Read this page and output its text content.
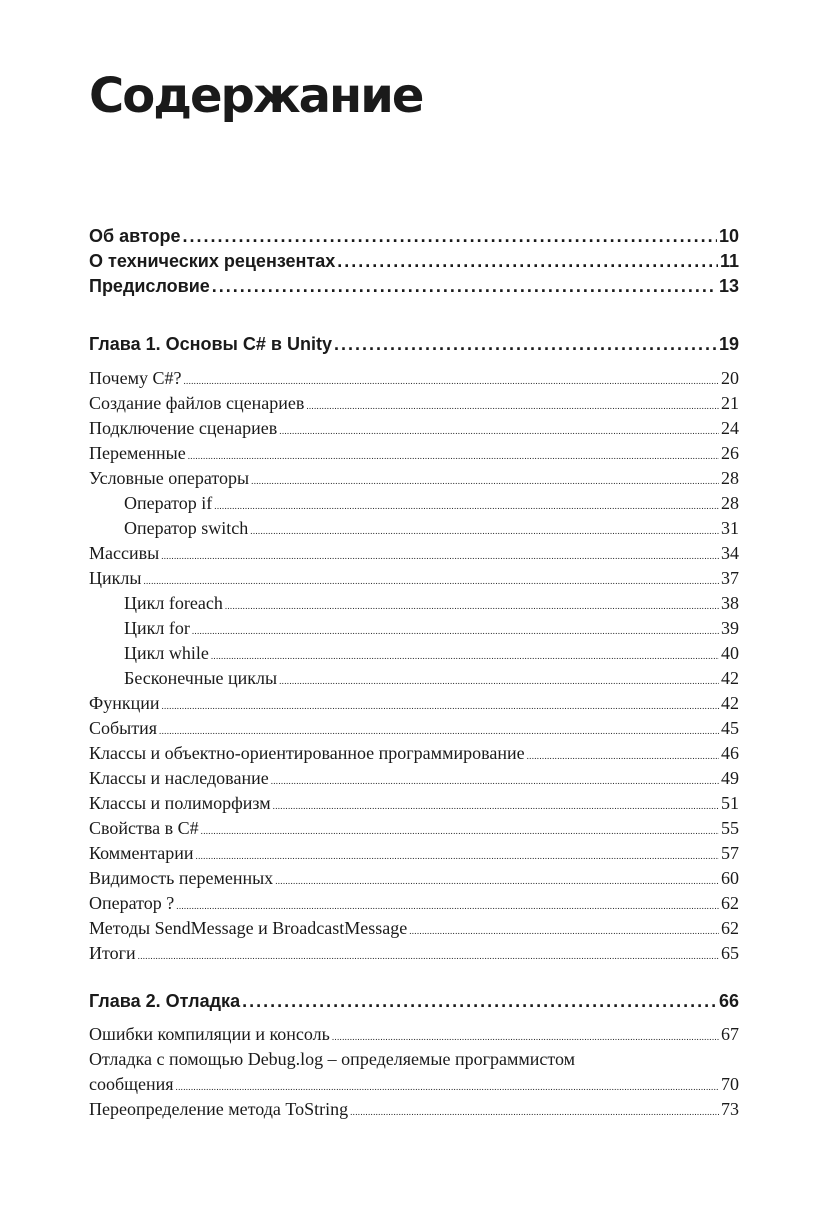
Содержание
Об авторе .....	10
О технических рецензентах .....	11
Предисловие .....	13
Глава 1. Основы C# в Unity .....	19
Почему C#? .....	20
Создание файлов сценариев .....	21
Подключение сценариев .....	24
Переменные .....	26
Условные операторы .....	28
Оператор if .....	28
Оператор switch .....	31
Массивы .....	34
Циклы .....	37
Цикл foreach .....	38
Цикл for .....	39
Цикл while .....	40
Бесконечные циклы .....	42
Функции .....	42
События .....	45
Классы и объектно-ориентированное программирование .....	46
Классы и наследование .....	49
Классы и полиморфизм .....	51
Свойства в C# .....	55
Комментарии .....	57
Видимость переменных .....	60
Оператор ? .....	62
Методы SendMessage и BroadcastMessage .....	62
Итоги .....	65
Глава 2. Отладка .....	66
Ошибки компиляции и консоль .....	67
Отладка с помощью Debug.log – определяемые программистом
сообщения .....	70
Переопределение метода ToString .....	73
